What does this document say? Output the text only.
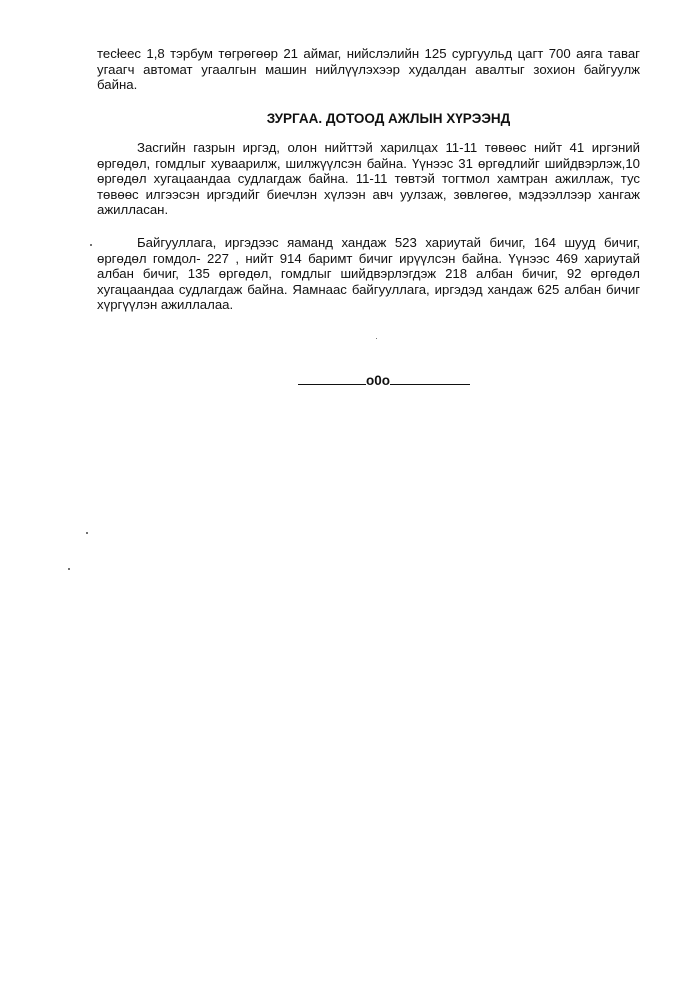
тесłееc 1,8 тэрбум төгрөгөөр 21 аймаг, нийслэлийн 125 сургуульд цагт 700 аяга таваг угаагч автомат угаалгын машин нийлүүлэхээр худалдан авалтыг зохион байгуулж байна.

ЗУРГАА. ДОТООД АЖЛЫН ХҮРЭЭНД

Засгийн газрын иргэд, олон нийттэй харилцах 11-11 төвөөс нийт 41 иргэний өргөдөл, гомдлыг хуваарилж, шилжүүлсэн байна. Үүнээс 31 өргөдлийг шийдвэрлэж,10 өргөдөл хугацаандаа судлагдаж байна. 11-11 төвтэй тогтмол хамтран ажиллаж, тус төвөөс илгээсэн иргэдийг биечлэн хүлээн авч уулзаж, зөвлөгөө, мэдээллээр хангаж ажилласан.

Байгууллага, иргэдээс яаманд хандаж 523 хариутай бичиг, 164 шууд бичиг, өргөдөл гомдол- 227 , нийт 914 баримт бичиг ирүүлсэн байна. Үүнээс 469 хариутай албан бичиг, 135 өргөдөл, гомдлыг шийдвэрлэгдэж 218 албан бичиг, 92 өргөдөл хугацаандаа судлагдаж байна. Яамнаас байгууллага, иргэдэд хандаж 625 албан бичиг хүргүүлэн ажиллалаа.

o0o
